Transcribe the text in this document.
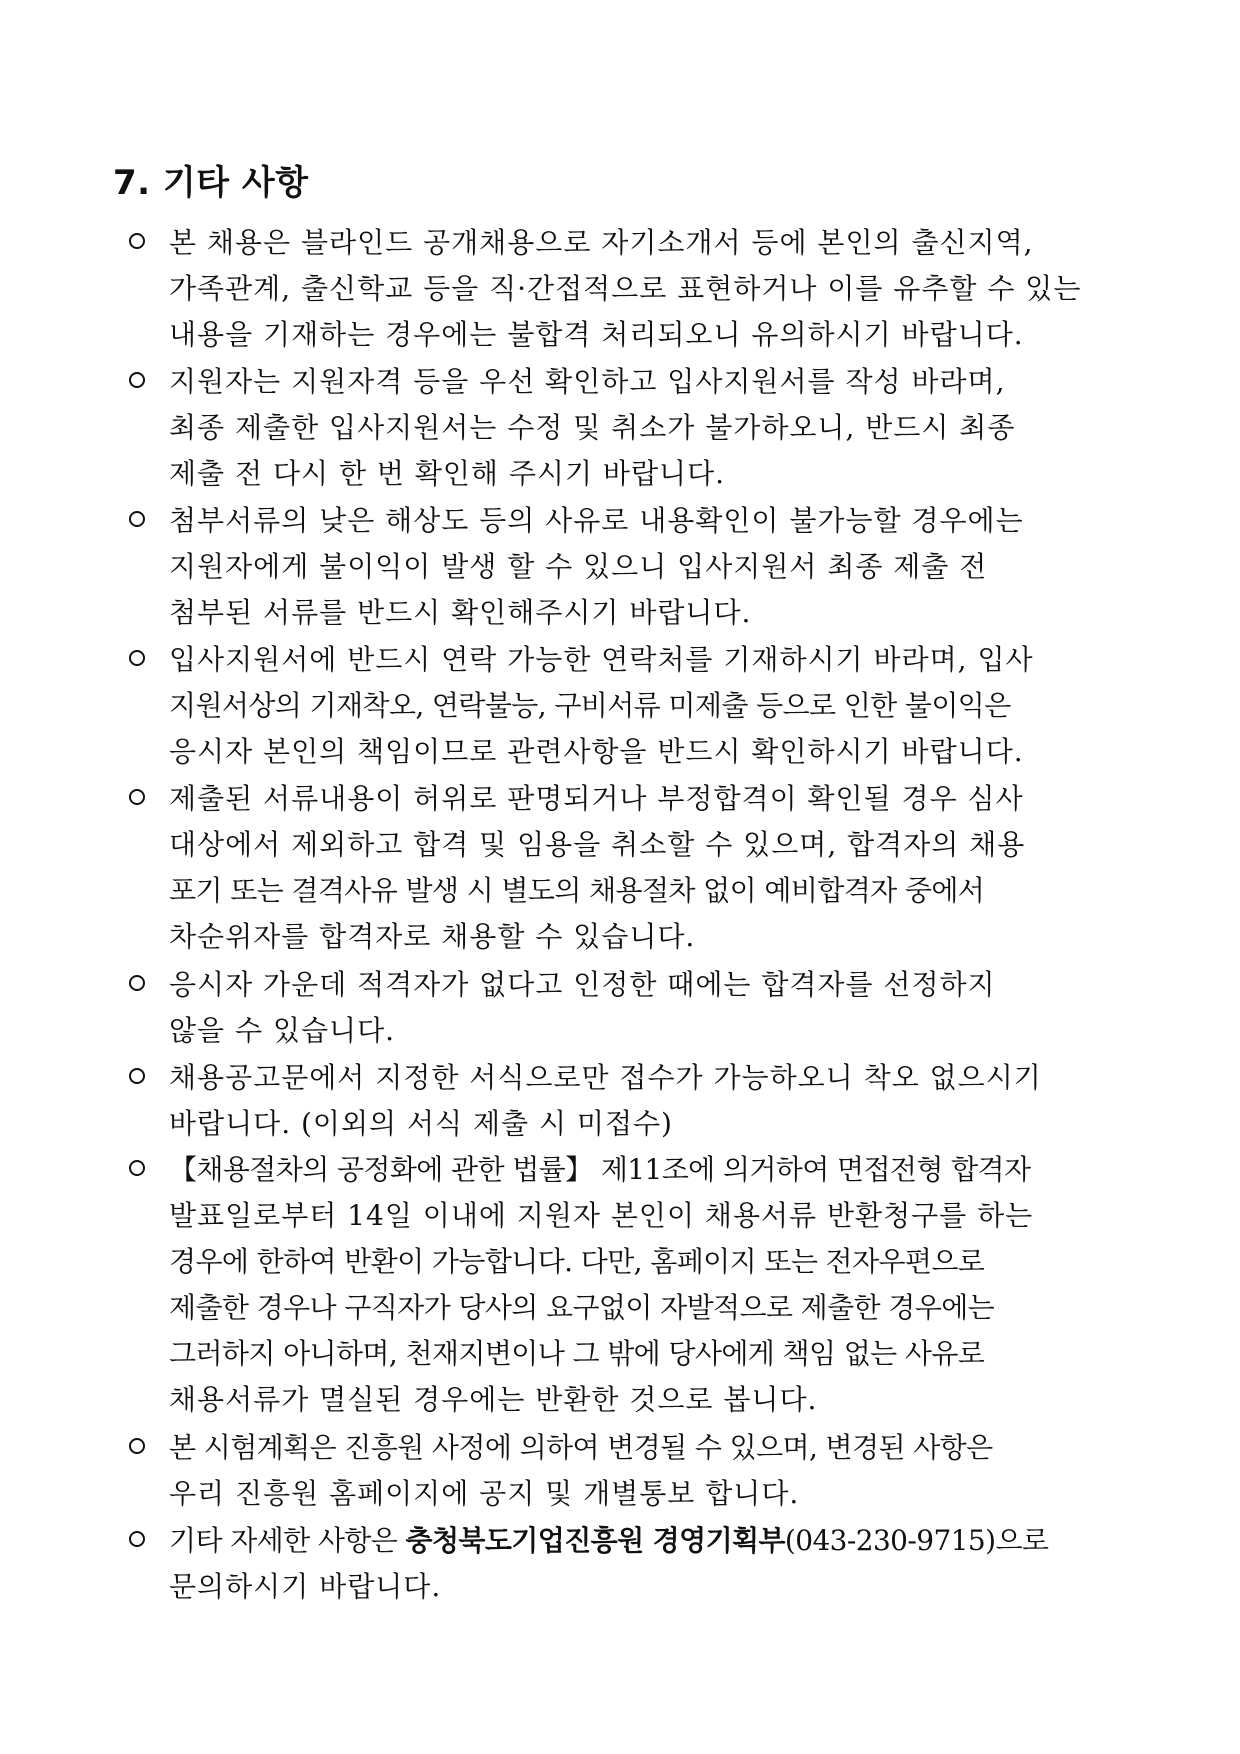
7. 기타 사항
본 채용은 블라인드 공개채용으로 자기소개서 등에 본인의 출신지역,
가족관계, 출신학교 등을 직·간접적으로 표현하거나 이를 유추할 수 있는
내용을 기재하는 경우에는 불합격 처리되오니 유의하시기 바랍니다.
지원자는 지원자격 등을 우선 확인하고 입사지원서를 작성 바라며,
최종 제출한 입사지원서는 수정 및 취소가 불가하오니, 반드시 최종
제출 전 다시 한 번 확인해 주시기 바랍니다.
첨부서류의 낮은 해상도 등의 사유로 내용확인이 불가능할 경우에는
지원자에게 불이익이 발생 할 수 있으니 입사지원서 최종 제출 전
첨부된 서류를 반드시 확인해주시기 바랍니다.
입사지원서에 반드시 연락 가능한 연락처를 기재하시기 바라며, 입사
지원서상의 기재착오, 연락불능, 구비서류 미제출 등으로 인한 불이익은
응시자 본인의 책임이므로 관련사항을 반드시 확인하시기 바랍니다.
제출된 서류내용이 허위로 판명되거나 부정합격이 확인될 경우 심사
대상에서 제외하고 합격 및 임용을 취소할 수 있으며, 합격자의 채용
포기 또는 결격사유 발생 시 별도의 채용절차 없이 예비합격자 중에서
차순위자를 합격자로 채용할 수 있습니다.
응시자 가운데 적격자가 없다고 인정한 때에는 합격자를 선정하지
않을 수 있습니다.
채용공고문에서 지정한 서식으로만 접수가 가능하오니 착오 없으시기
바랍니다. (이외의 서식 제출 시 미접수)
【채용절차의 공정화에 관한 법률】 제11조에 의거하여 면접전형 합격자
발표일로부터 14일 이내에 지원자 본인이 채용서류 반환청구를 하는
경우에 한하여 반환이 가능합니다. 다만, 홈페이지 또는 전자우편으로
제출한 경우나 구직자가 당사의 요구없이 자발적으로 제출한 경우에는
그러하지 아니하며, 천재지변이나 그 밖에 당사에게 책임 없는 사유로
채용서류가 멸실된 경우에는 반환한 것으로 봅니다.
본 시험계획은 진흥원 사정에 의하여 변경될 수 있으며, 변경된 사항은
우리 진흥원 홈페이지에 공지 및 개별통보 합니다.
기타 자세한 사항은 충청북도기업진흥원 경영기획부(043-230-9715)으로
문의하시기 바랍니다.
